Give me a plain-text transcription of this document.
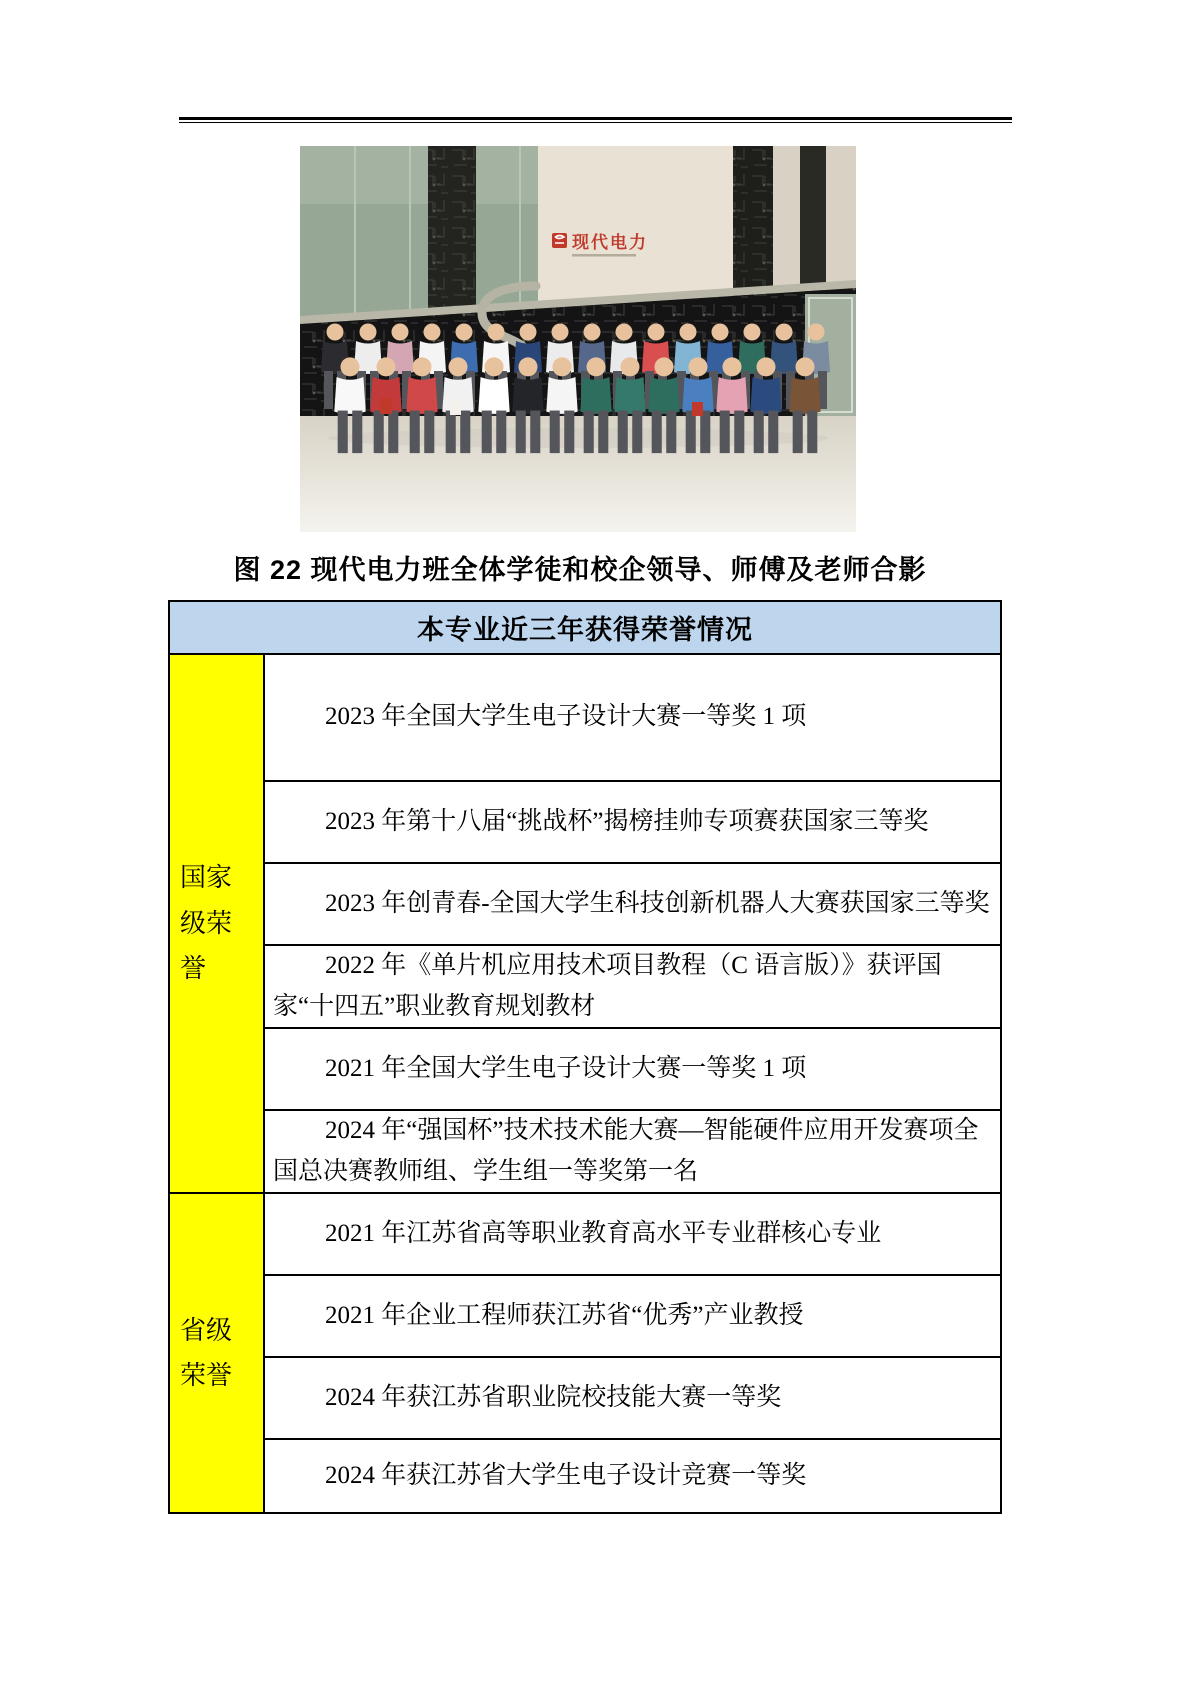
现代电力
图 22 现代电力班全体学徒和校企领导、师傅及老师合影
本专业近三年获得荣誉情况	
国家级荣誉	2023 年全国大学生电子设计大赛一等奖 1 项
	2023 年第十八届“挑战杯”揭榜挂帅专项赛获国家三等奖
	2023 年创青春-全国大学生科技创新机器人大赛获国家三等奖
	2022 年《单片机应用技术项目教程（C 语言版）》获评国家“十四五”职业教育规划教材
	2021 年全国大学生电子设计大赛一等奖 1 项
	2024 年“强国杯”技术技术能大赛—智能硬件应用开发赛项全国总决赛教师组、学生组一等奖第一名
省级荣誉	2021 年江苏省高等职业教育高水平专业群核心专业
	2021 年企业工程师获江苏省“优秀”产业教授
	2024 年获江苏省职业院校技能大赛一等奖
	2024 年获江苏省大学生电子设计竞赛一等奖
